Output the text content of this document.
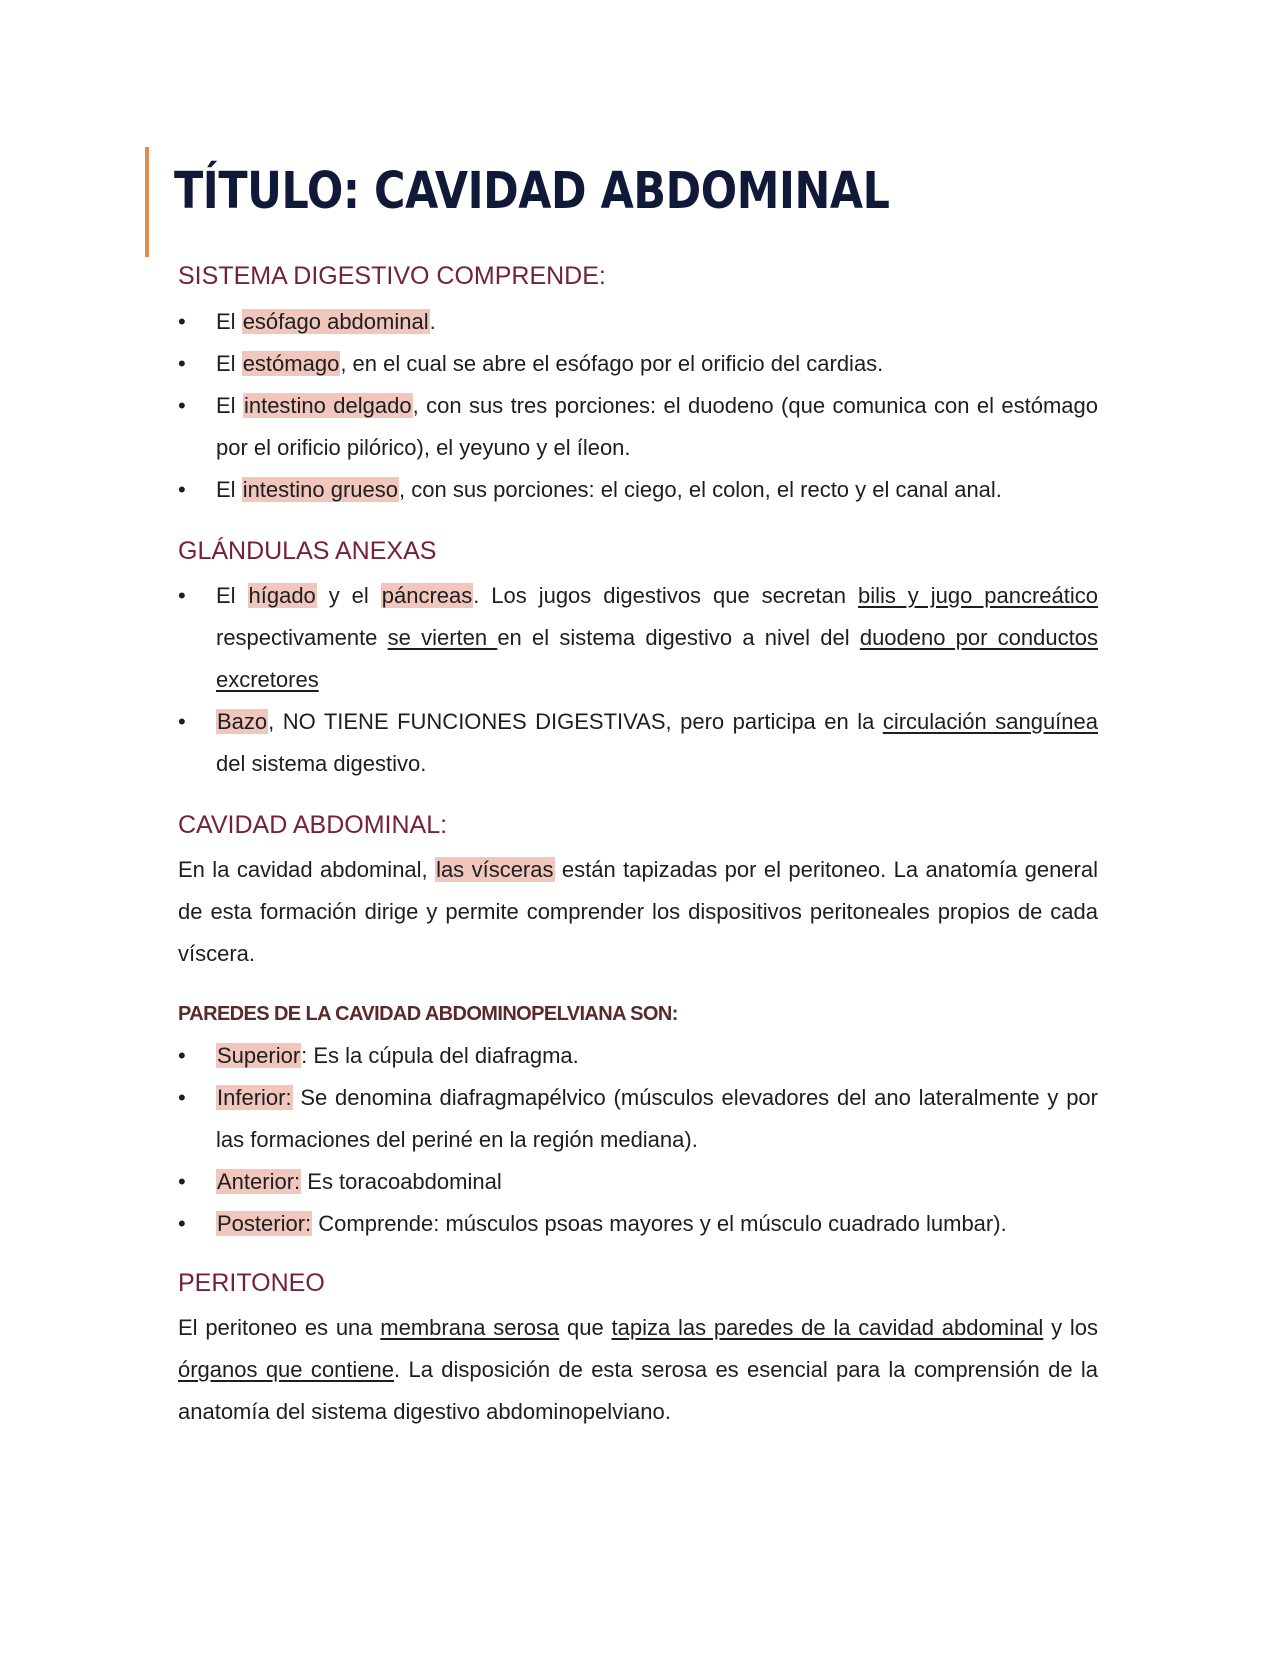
TÍTULO: CAVIDAD ABDOMINAL
SISTEMA DIGESTIVO COMPRENDE:
• El esófago abdominal.
• El estómago, en el cual se abre el esófago por el orificio del cardias.
• El intestino delgado, con sus tres porciones: el duodeno (que comunica con el estómago por el orificio pilórico), el yeyuno y el íleon.
• El intestino grueso, con sus porciones: el ciego, el colon, el recto y el canal anal.
GLÁNDULAS ANEXAS
• El hígado y el páncreas. Los jugos digestivos que secretan bilis y jugo pancreático respectivamente se vierten en el sistema digestivo a nivel del duodeno por conductos excretores
• Bazo, NO TIENE FUNCIONES DIGESTIVAS, pero participa en la circulación sanguínea del sistema digestivo.
CAVIDAD ABDOMINAL:

En la cavidad abdominal, las vísceras están tapizadas por el peritoneo. La anatomía general de esta formación dirige y permite comprender los dispositivos peritoneales propios de cada víscera.

PAREDES DE LA CAVIDAD ABDOMINOPELVIANA SON:
• Superior: Es la cúpula del diafragma.
• Inferior: Se denomina diafragmapélvico (músculos elevadores del ano lateralmente y por las formaciones del periné en la región mediana).
• Anterior: Es toracoabdominal
• Posterior: Comprende: músculos psoas mayores y el músculo cuadrado lumbar).
PERITONEO

El peritoneo es una membrana serosa que tapiza las paredes de la cavidad abdominal y los órganos que contiene. La disposición de esta serosa es esencial para la comprensión de la anatomía del sistema digestivo abdominopelviano.
